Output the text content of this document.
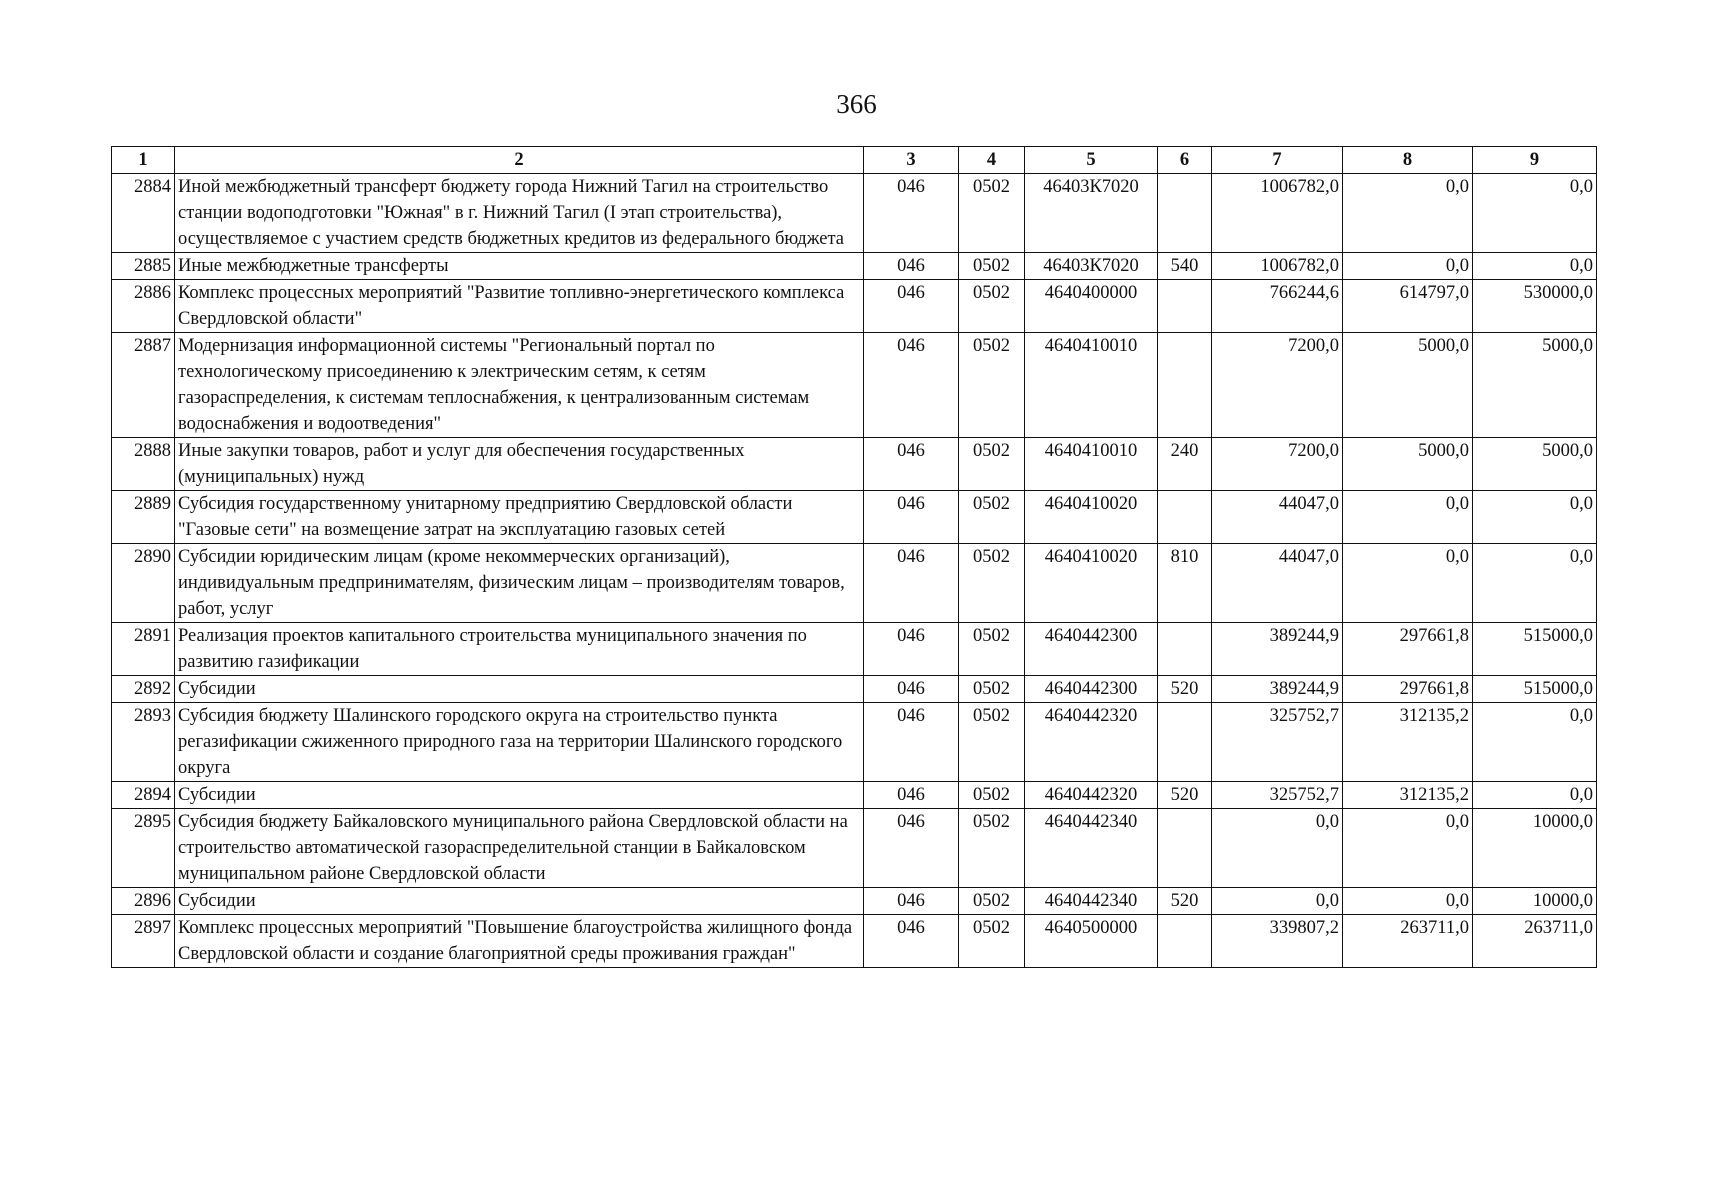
366
1	2	3	4	5	6	7	8	9
2884	Иной межбюджетный трансферт бюджету города Нижний Тагил на строительство станции водоподготовки "Южная" в г. Нижний Тагил (I этап строительства), осуществляемое с участием средств бюджетных кредитов из федерального бюджета	046	0502	46403К7020		1006782,0	0,0	0,0
2885	Иные межбюджетные трансферты	046	0502	46403К7020	540	1006782,0	0,0	0,0
2886	Комплекс процессных мероприятий "Развитие топливно-энергетического комплекса Свердловской области"	046	0502	4640400000		766244,6	614797,0	530000,0
2887	Модернизация информационной системы "Региональный портал по технологическому присоединению к электрическим сетям, к сетям газораспределения, к системам теплоснабжения, к централизованным системам водоснабжения и водоотведения"	046	0502	4640410010		7200,0	5000,0	5000,0
2888	Иные закупки товаров, работ и услуг для обеспечения государственных (муниципальных) нужд	046	0502	4640410010	240	7200,0	5000,0	5000,0
2889	Субсидия государственному унитарному предприятию Свердловской области "Газовые сети" на возмещение затрат на эксплуатацию газовых сетей	046	0502	4640410020		44047,0	0,0	0,0
2890	Субсидии юридическим лицам (кроме некоммерческих организаций), индивидуальным предпринимателям, физическим лицам – производителям товаров, работ, услуг	046	0502	4640410020	810	44047,0	0,0	0,0
2891	Реализация проектов капитального строительства муниципального значения по развитию газификации	046	0502	4640442300		389244,9	297661,8	515000,0
2892	Субсидии	046	0502	4640442300	520	389244,9	297661,8	515000,0
2893	Субсидия бюджету Шалинского городского округа на строительство пункта регазификации сжиженного природного газа на территории Шалинского городского округа	046	0502	4640442320		325752,7	312135,2	0,0
2894	Субсидии	046	0502	4640442320	520	325752,7	312135,2	0,0
2895	Субсидия бюджету Байкаловского муниципального района Свердловской области на строительство автоматической газораспределительной станции в Байкаловском муниципальном районе Свердловской области	046	0502	4640442340		0,0	0,0	10000,0
2896	Субсидии	046	0502	4640442340	520	0,0	0,0	10000,0
2897	Комплекс процессных мероприятий "Повышение благоустройства жилищного фонда Свердловской области и создание благоприятной среды проживания граждан"	046	0502	4640500000		339807,2	263711,0	263711,0
